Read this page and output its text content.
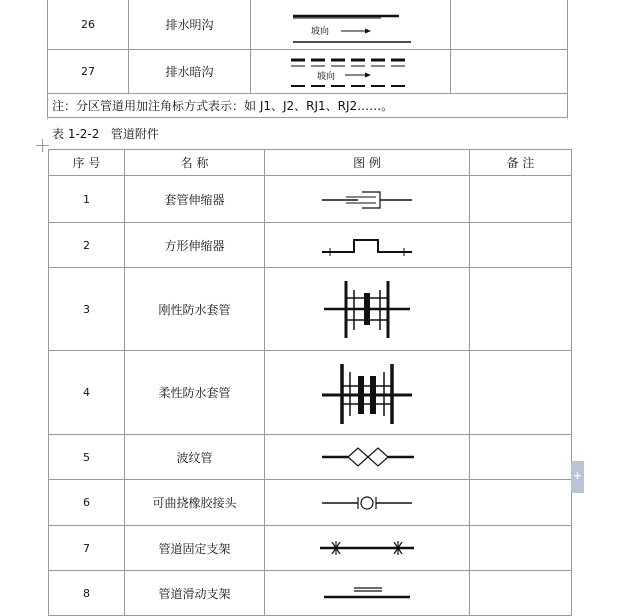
26	排水明沟	坡向	

27	排水暗沟	坡向	

注：分区管道用加注角标方式表示：如 J1、J2、RJ1、RJ2……。			
表 1-2-2   管道附件
序 号	名 称	图 例	备 注
1	套管伸缩器	

2	方形伸缩器	

3	刚性防水套管	

4	柔性防水套管	

5	波纹管	

6	可曲挠橡胶接头	

7	管道固定支架	

8	管道滑动支架	

+
